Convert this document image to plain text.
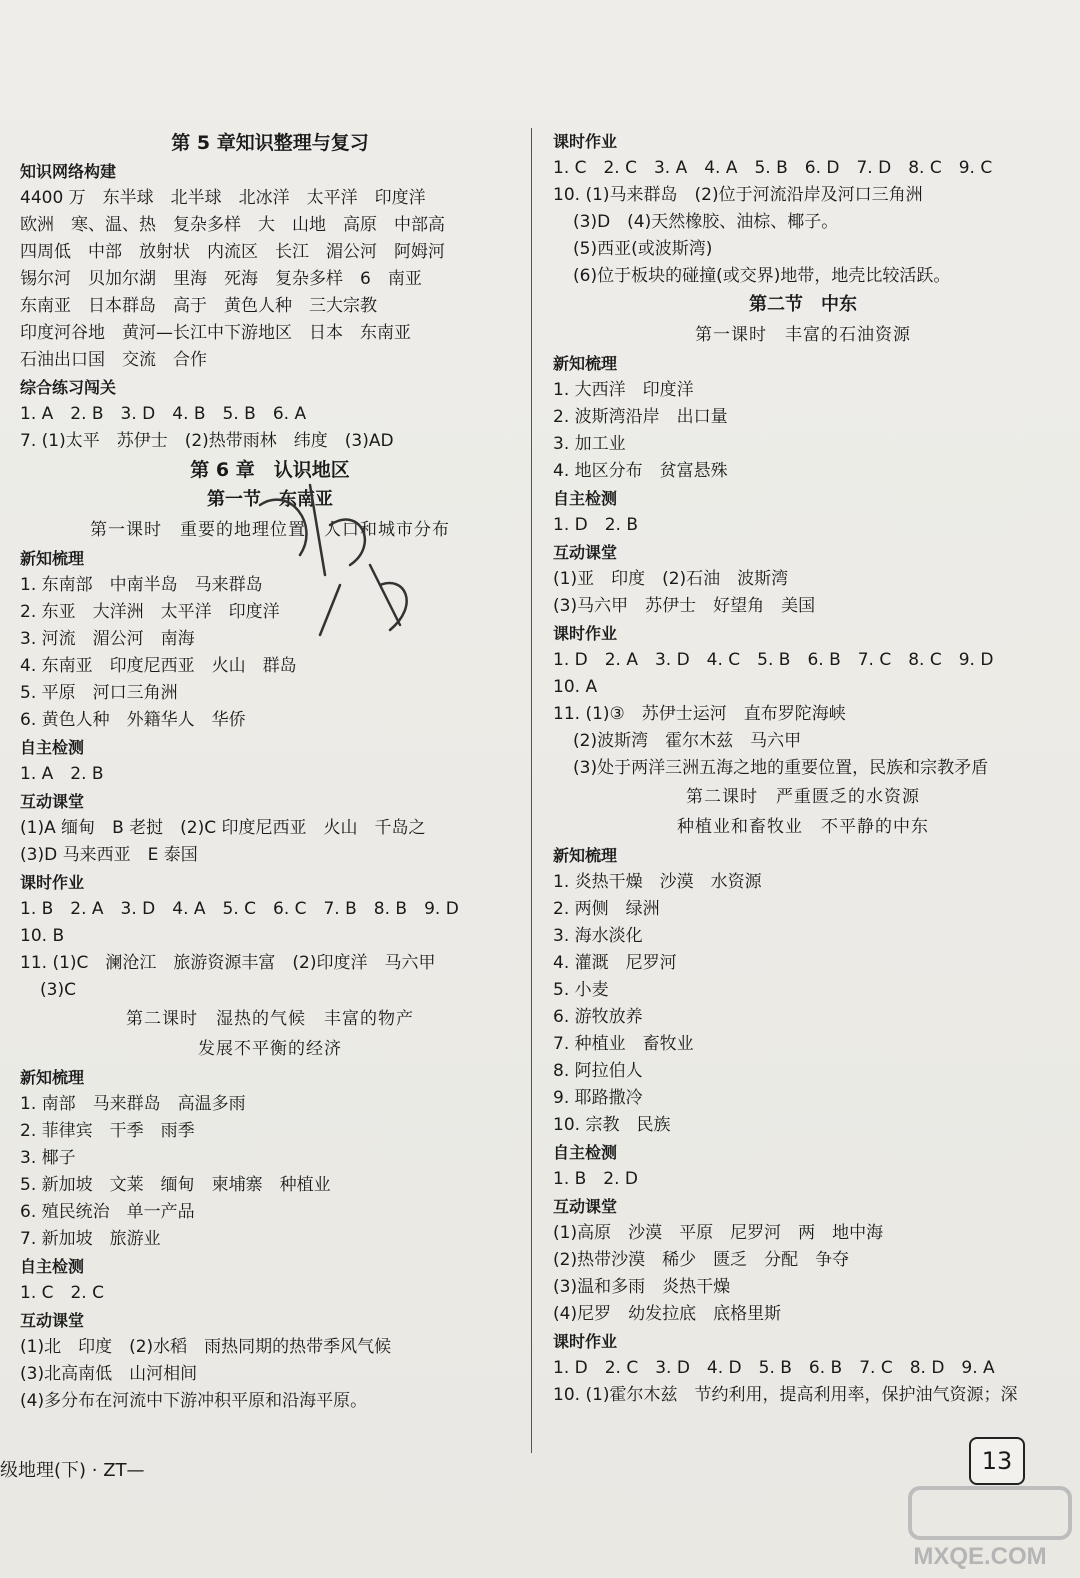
第 5 章知识整理与复习
知识网络构建
4400 万　东半球　北半球　北冰洋　太平洋　印度洋
欧洲　寒、温、热　复杂多样　大　山地　高原　中部高
四周低　中部　放射状　内流区　长江　湄公河　阿姆河
锡尔河　贝加尔湖　里海　死海　复杂多样　6　南亚
东南亚　日本群岛　高于　黄色人种　三大宗教
印度河谷地　黄河—长江中下游地区　日本　东南亚
石油出口国　交流　合作
综合练习闯关
1. A　2. B　3. D　4. B　5. B　6. A
7. (1)太平　苏伊士　(2)热带雨林　纬度　(3)AD
第 6 章　认识地区
第一节　东南亚
第一课时　重要的地理位置　人口和城市分布
新知梳理
1. 东南部　中南半岛　马来群岛
2. 东亚　大洋洲　太平洋　印度洋
3. 河流　湄公河　南海
4. 东南亚　印度尼西亚　火山　群岛
5. 平原　河口三角洲
6. 黄色人种　外籍华人　华侨
自主检测
1. A　2. B
互动课堂
(1)A 缅甸　B 老挝　(2)C 印度尼西亚　火山　千岛之
(3)D 马来西亚　E 泰国
课时作业
1. B　2. A　3. D　4. A　5. C　6. C　7. B　8. B　9. D
10. B
11. (1)C　澜沧江　旅游资源丰富　(2)印度洋　马六甲
(3)C
第二课时　湿热的气候　丰富的物产
发展不平衡的经济
新知梳理
1. 南部　马来群岛　高温多雨
2. 菲律宾　干季　雨季
3. 椰子
5. 新加坡　文莱　缅甸　柬埔寨　种植业
6. 殖民统治　单一产品
7. 新加坡　旅游业
自主检测
1. C　2. C
互动课堂
(1)北　印度　(2)水稻　雨热同期的热带季风气候
(3)北高南低　山河相间
(4)多分布在河流中下游冲积平原和沿海平原。
课时作业
1. C　2. C　3. A　4. A　5. B　6. D　7. D　8. C　9. C
10. (1)马来群岛　(2)位于河流沿岸及河口三角洲
(3)D　(4)天然橡胶、油棕、椰子。
(5)西亚(或波斯湾)
(6)位于板块的碰撞(或交界)地带，地壳比较活跃。
第二节　中东
第一课时　丰富的石油资源
新知梳理
1. 大西洋　印度洋
2. 波斯湾沿岸　出口量
3. 加工业
4. 地区分布　贫富悬殊
自主检测
1. D　2. B
互动课堂
(1)亚　印度　(2)石油　波斯湾
(3)马六甲　苏伊士　好望角　美国
课时作业
1. D　2. A　3. D　4. C　5. B　6. B　7. C　8. C　9. D
10. A
11. (1)③　苏伊士运河　直布罗陀海峡
(2)波斯湾　霍尔木兹　马六甲
(3)处于两洋三洲五海之地的重要位置，民族和宗教矛盾
第二课时　严重匮乏的水资源
种植业和畜牧业　不平静的中东
新知梳理
1. 炎热干燥　沙漠　水资源
2. 两侧　绿洲
3. 海水淡化
4. 灌溉　尼罗河
5. 小麦
6. 游牧放养
7. 种植业　畜牧业
8. 阿拉伯人
9. 耶路撒冷
10. 宗教　民族
自主检测
1. B　2. D
互动课堂
(1)高原　沙漠　平原　尼罗河　两　地中海
(2)热带沙漠　稀少　匮乏　分配　争夺
(3)温和多雨　炎热干燥
(4)尼罗　幼发拉底　底格里斯
课时作业
1. D　2. C　3. D　4. D　5. B　6. B　7. C　8. D　9. A
10. (1)霍尔木兹　节约利用，提高利用率，保护油气资源；深
级地理(下) · ZT—	13
MXQE.COM
